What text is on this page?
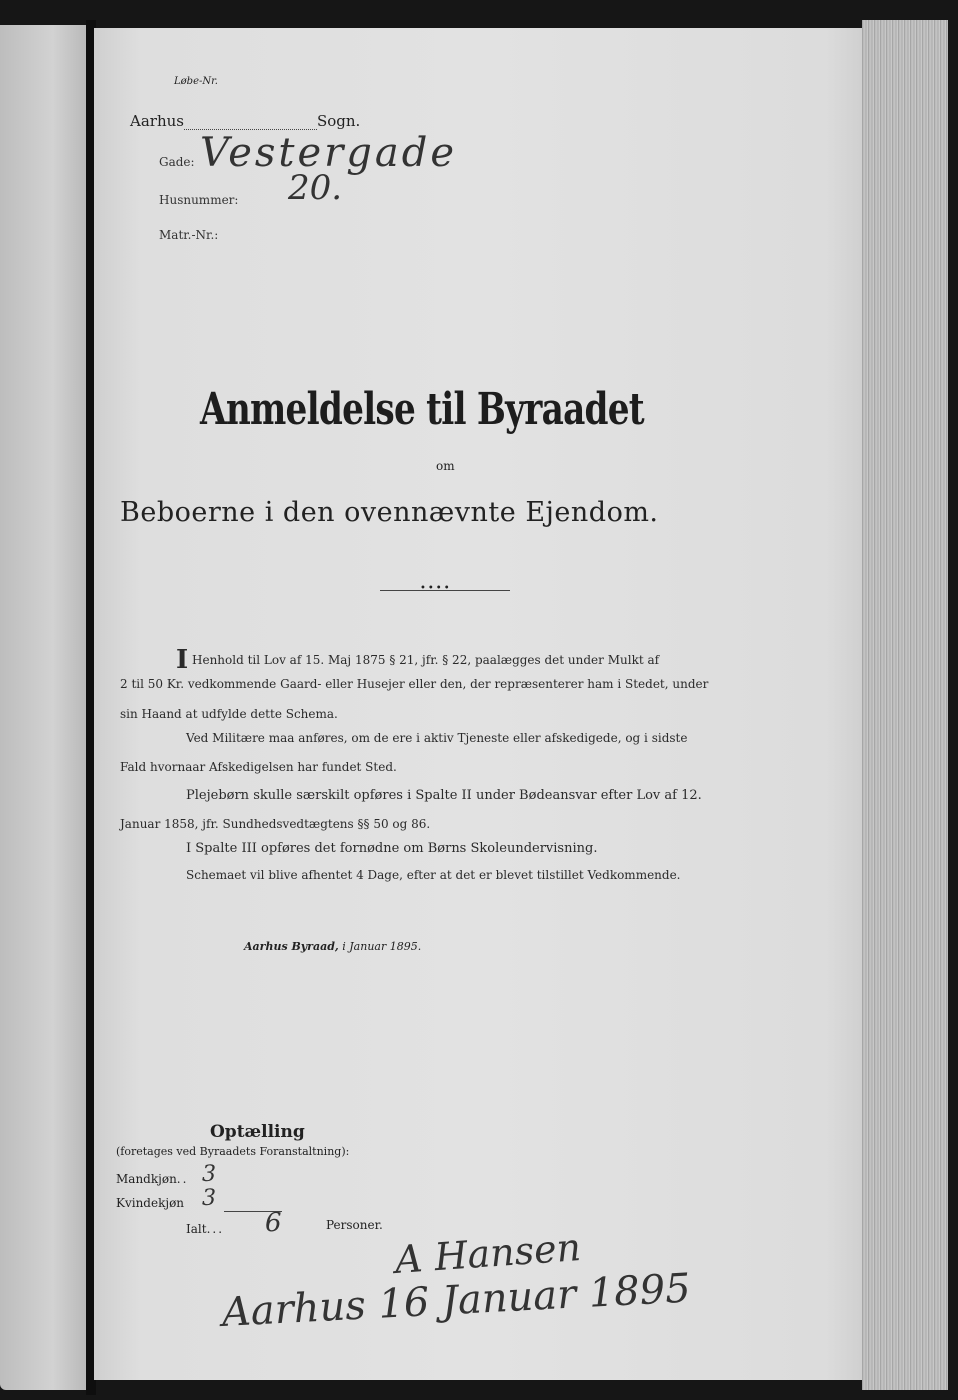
Løbe-Nr.
Aarhus	Sogn.
Gade: Vestergade
Husnummer: 20.
Matr.-Nr.:
Anmeldelse til Byraadet
om
Beboerne i den ovennævnte Ejendom.
••••
I Henhold til Lov af 15. Maj 1875 § 21, jfr. § 22, paalægges det under Mulkt af
2 til 50 Kr. vedkommende Gaard- eller Husejer eller den, der repræsenterer ham i Stedet, under
sin Haand at udfylde dette Schema.
Ved Militære maa anføres, om de ere i aktiv Tjeneste eller afskedigede, og i sidste
Fald hvornaar Afskedigelsen har fundet Sted.
Plejebørn skulle særskilt opføres i Spalte II under Bødeansvar efter Lov af 12.
Januar 1858, jfr. Sundhedsvedtægtens §§ 50 og 86.
I Spalte III opføres det fornødne om Børns Skoleundervisning.
Schemaet vil blive afhentet 4 Dage, efter at det er blevet tilstillet Vedkommende.
Aarhus Byraad, i Januar 1895.
Optælling
(foretages ved Byraadets Foranstaltning):
Mandkjøn.. 3
Kvindekjøn 3
Ialt... 6	Personer.
A Hansen
Aarhus 16 Januar 1895
